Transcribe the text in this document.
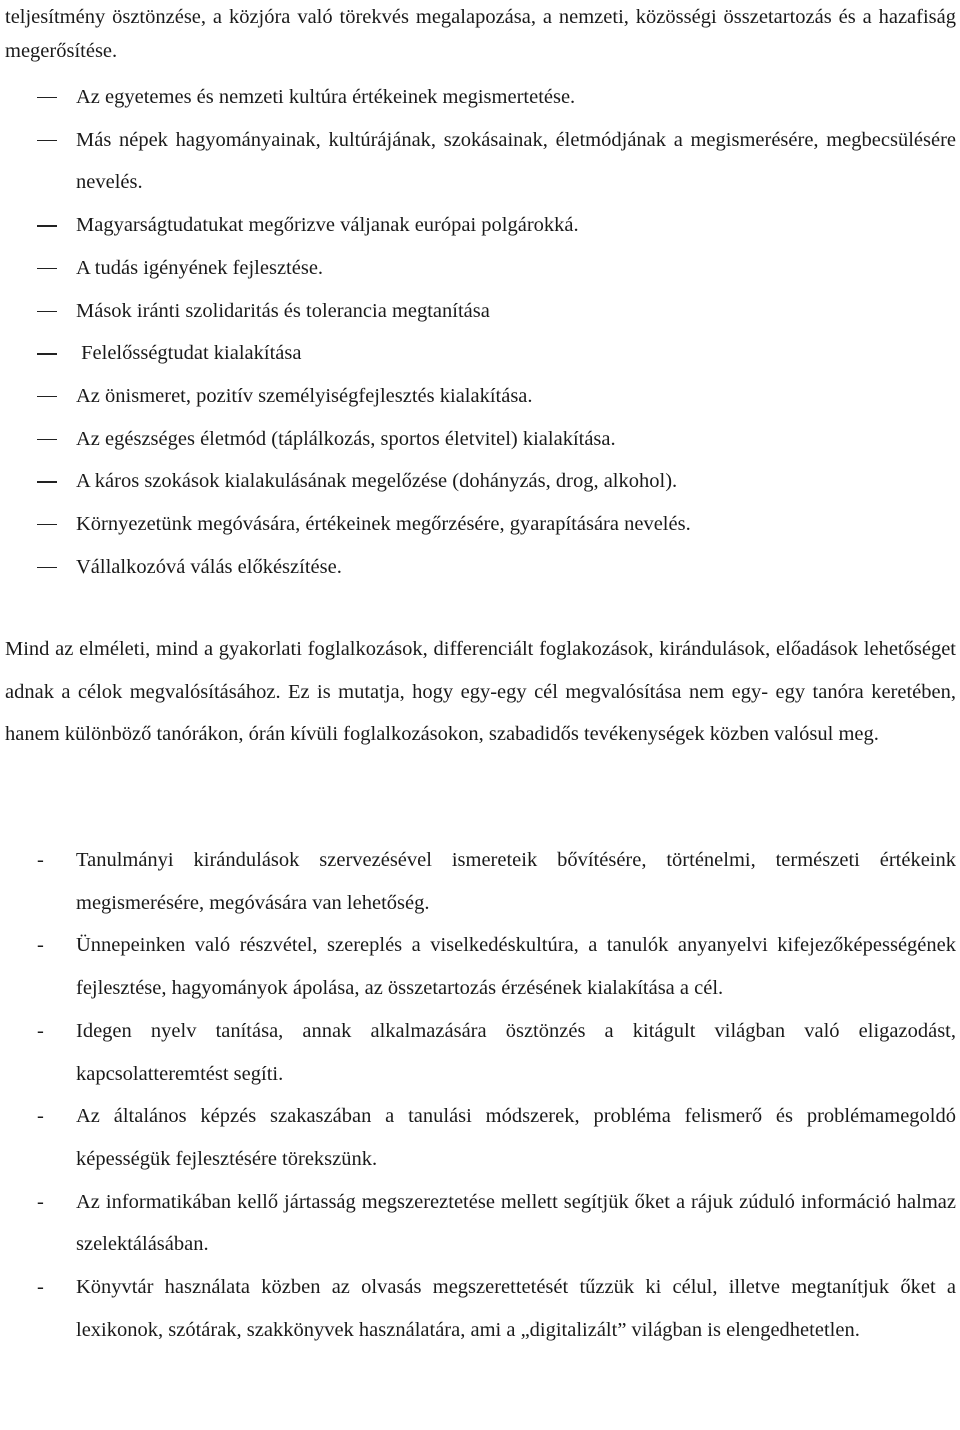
teljesítmény ösztönzése, a közjóra való törekvés megalapozása, a nemzeti, közösségi összetartozás és a hazafiság megerősítése.

Az egyetemes és nemzeti kultúra értékeinek megismertetése.
Más népek hagyományainak, kultúrájának, szokásainak, életmódjának a megismerésére, megbecsülésére nevelés.
Magyarságtudatukat megőrizve váljanak európai polgárokká.
A tudás igényének fejlesztése.
Mások iránti szolidaritás és tolerancia megtanítása
Felelősségtudat kialakítása
Az önismeret, pozitív személyiségfejlesztés kialakítása.
Az egészséges életmód (táplálkozás, sportos életvitel) kialakítása.
A káros szokások kialakulásának megelőzése (dohányzás, drog, alkohol).
Környezetünk megóvására, értékeinek megőrzésére, gyarapítására nevelés.
Vállalkozóvá válás előkészítése.

Mind az elméleti, mind a gyakorlati foglalkozások, differenciált foglakozások, kirándulások, előadások lehetőséget adnak a célok megvalósításához. Ez is mutatja, hogy egy-egy cél megvalósítása nem egy- egy tanóra keretében, hanem különböző tanórákon, órán kívüli foglalkozásokon, szabadidős tevékenységek közben valósul meg.

- Tanulmányi kirándulások szervezésével ismereteik bővítésére, történelmi, természeti értékeink megismerésére, megóvására van lehetőség.
- Ünnepeinken való részvétel, szereplés a viselkedéskultúra, a tanulók anyanyelvi kifejezőképességének fejlesztése, hagyományok ápolása, az összetartozás érzésének kialakítása a cél.
- Idegen nyelv tanítása, annak alkalmazására ösztönzés a kitágult világban való eligazodást, kapcsolatteremtést segíti.
- Az általános képzés szakaszában a tanulási módszerek, probléma felismerő és problémamegoldó képességük fejlesztésére törekszünk.
- Az informatikában kellő jártasság megszereztetése mellett segítjük őket a rájuk zúduló információ halmaz szelektálásában.
- Könyvtár használata közben az olvasás megszerettetését tűzzük ki célul, illetve megtanítjuk őket a lexikonok, szótárak, szakkönyvek használatára, ami a „digitalizált” világban is elengedhetetlen.
